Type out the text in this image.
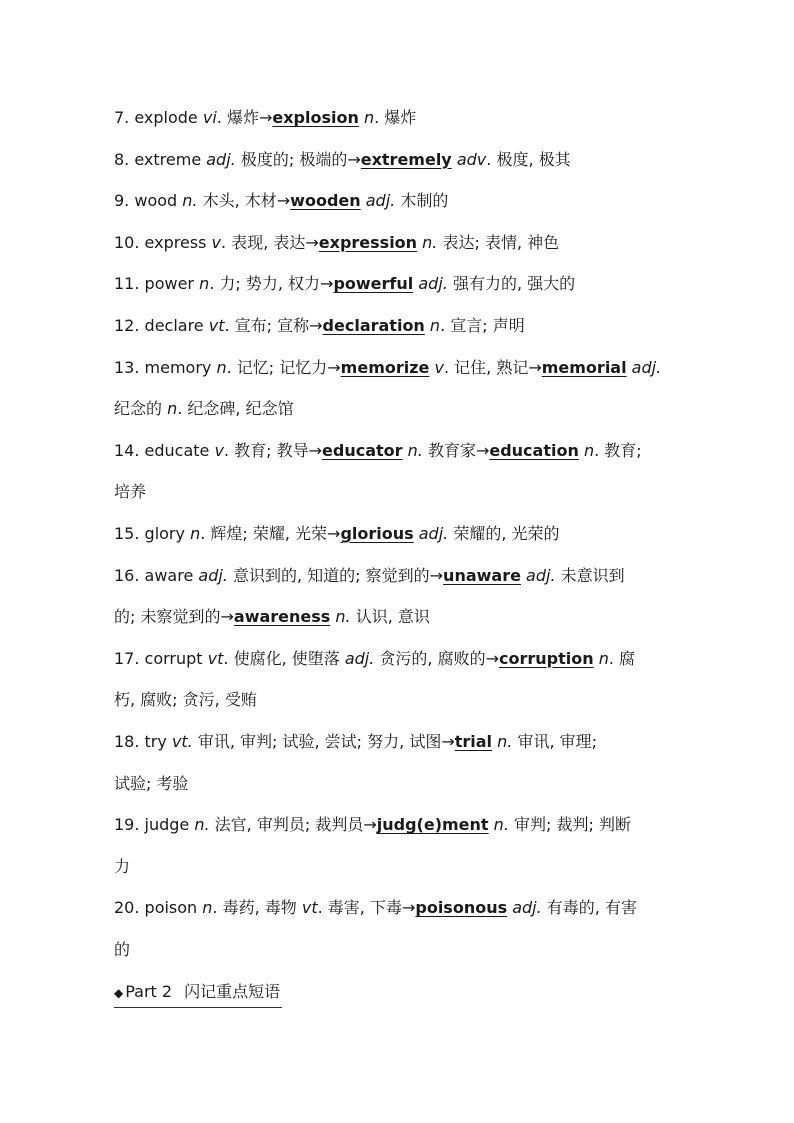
7. explode vi. 爆炸→explosion n. 爆炸
8. extreme adj. 极度的; 极端的→extremely adv. 极度, 极其
9. wood n. 木头, 木材→wooden adj. 木制的
10. express v. 表现, 表达→expression n. 表达; 表情, 神色
11. power n. 力; 势力, 权力→powerful adj. 强有力的, 强大的
12. declare vt. 宣布; 宣称→declaration n. 宣言; 声明
13. memory n. 记忆; 记忆力→memorize v. 记住, 熟记→memorial adj.
纪念的 n. 纪念碑, 纪念馆
14. educate v. 教育; 教导→educator n. 教育家→education n. 教育;
培养
15. glory n. 辉煌; 荣耀, 光荣→glorious adj. 荣耀的, 光荣的
16. aware adj. 意识到的, 知道的; 察觉到的→unaware adj. 未意识到
的; 未察觉到的→awareness n. 认识, 意识
17. corrupt vt. 使腐化, 使堕落 adj. 贪污的, 腐败的→corruption n. 腐
朽, 腐败; 贪污, 受贿
18. try vt. 审讯, 审判; 试验, 尝试; 努力, 试图→trial n. 审讯, 审理;
试验; 考验
19. judge n. 法官, 审判员; 裁判员→judg(e)ment n. 审判; 裁判; 判断
力
20. poison n. 毒药, 毒物 vt. 毒害, 下毒→poisonous adj. 有毒的, 有害
的
◆ Part 2 闪记重点短语
